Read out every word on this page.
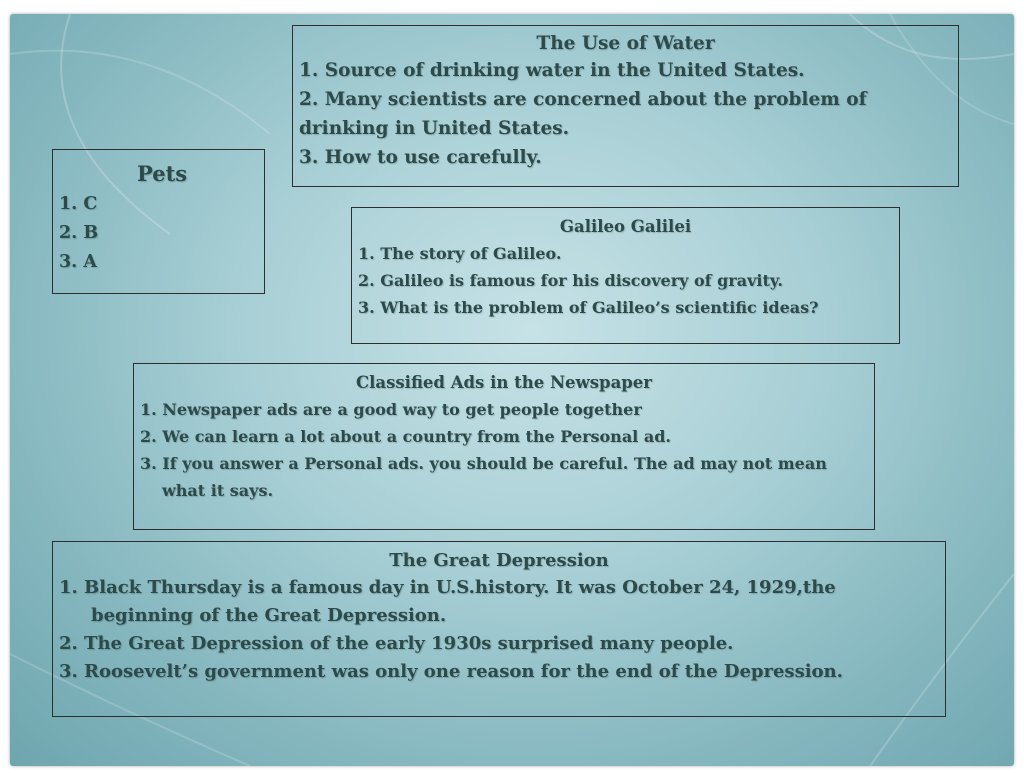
The Use of Water
1. Source of drinking water in the United States.
2. Many scientists are concerned about the problem of drinking in United States.
3. How to use carefully.
Pets
1. C
2. B
3. A
Galileo Galilei
1. The story of Galileo.
2. Galileo is famous for his discovery of gravity.
3. What is the problem of Galileo’s scientific ideas?
Classified Ads in the Newspaper
1. Newspaper ads are a good way to get people together
2. We can learn a lot about a country from the Personal ad.
3. If you answer a Personal ads. you should be careful. The ad may not mean what it says.
The Great Depression
1. Black Thursday is a famous day in U.S.history. It was October 24, 1929,the beginning of the Great Depression.
2. The Great Depression of the early 1930s surprised many people.
3. Roosevelt’s government was only one reason for the end of the Depression.
